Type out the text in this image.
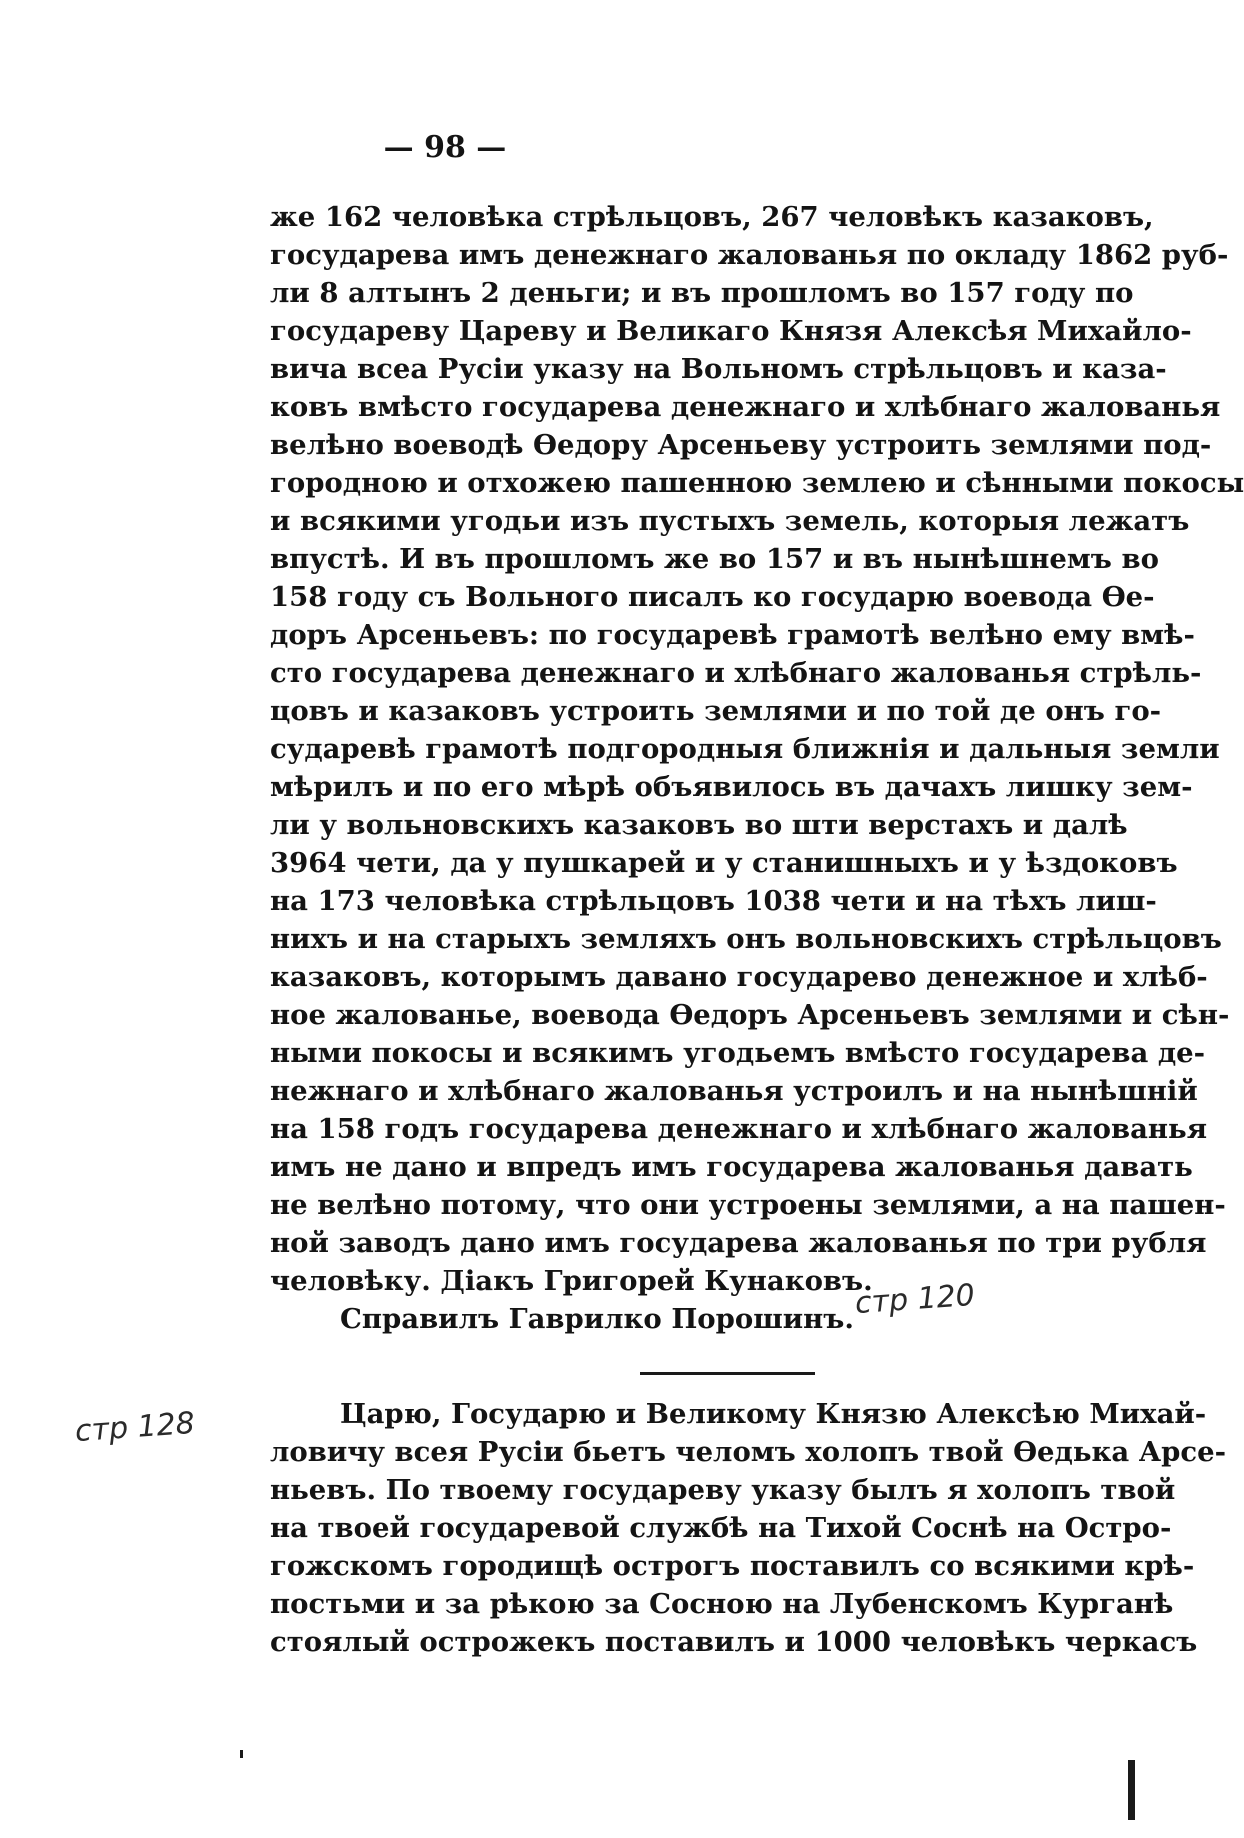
— 98 —
же 162 человѣка стрѣльцовъ, 267 человѣкъ казаковъ,
государева имъ денежнаго жалованья по окладу 1862 руб-
ли 8 алтынъ 2 деньги; и въ прошломъ во 157 году по
государеву Цареву и Великаго Князя Алексѣя Михайло-
вича всеа Русіи указу на Вольномъ стрѣльцовъ и каза-
ковъ вмѣсто государева денежнаго и хлѣбнаго жалованья
велѣно воеводѣ Ѳедору Арсеньеву устроить землями под-
городною и отхожею пашенною землею и сѣнными покосы
и всякими угодьи изъ пустыхъ земель, которыя лежатъ
впустѣ. И въ прошломъ же во 157 и въ нынѣшнемъ во
158 году съ Вольного писалъ ко государю воевода Ѳе-
доръ Арсеньевъ: по государевѣ грамотѣ велѣно ему вмѣ-
сто государева денежнаго и хлѣбнаго жалованья стрѣль-
цовъ и казаковъ устроить землями и по той де онъ го-
сударевѣ грамотѣ подгородныя ближнія и дальныя земли
мѣрилъ и по его мѣрѣ объявилось въ дачахъ лишку зем-
ли у вольновскихъ казаковъ во шти верстахъ и далѣ
3964 чети, да у пушкарей и у станишныхъ и у ѣздоковъ
на 173 человѣка стрѣльцовъ 1038 чети и на тѣхъ лиш-
нихъ и на старыхъ земляхъ онъ вольновскихъ стрѣльцовъ
казаковъ, которымъ давано государево денежное и хлѣб-
ное жалованье, воевода Ѳедоръ Арсеньевъ землями и сѣн-
ными покосы и всякимъ угодьемъ вмѣсто государева де-
нежнаго и хлѣбнаго жалованья устроилъ и на нынѣшній
на 158 годъ государева денежнаго и хлѣбнаго жалованья
имъ не дано и впредъ имъ государева жалованья давать
не велѣно потому, что они устроены землями, а на пашен-
ной заводъ дано имъ государева жалованья по три рубля
человѣку. Діакъ Григорей Кунаковъ.
Справилъ Гаврилко Порошинъ. стр 120
стр 128	Царю, Государю и Великому Князю Алексѣю Михай-
ловичу всея Русіи бьетъ челомъ холопъ твой Ѳедька Арсе-
ньевъ. По твоему государеву указу былъ я холопъ твой
на твоей государевой службѣ на Тихой Соснѣ на Остро-
гожскомъ городищѣ острогъ поставилъ со всякими крѣ-
постьми и за рѣкою за Сосною на Лубенскомъ Курганѣ
стоялый острожекъ поставилъ и 1000 человѣкъ черкасъ
